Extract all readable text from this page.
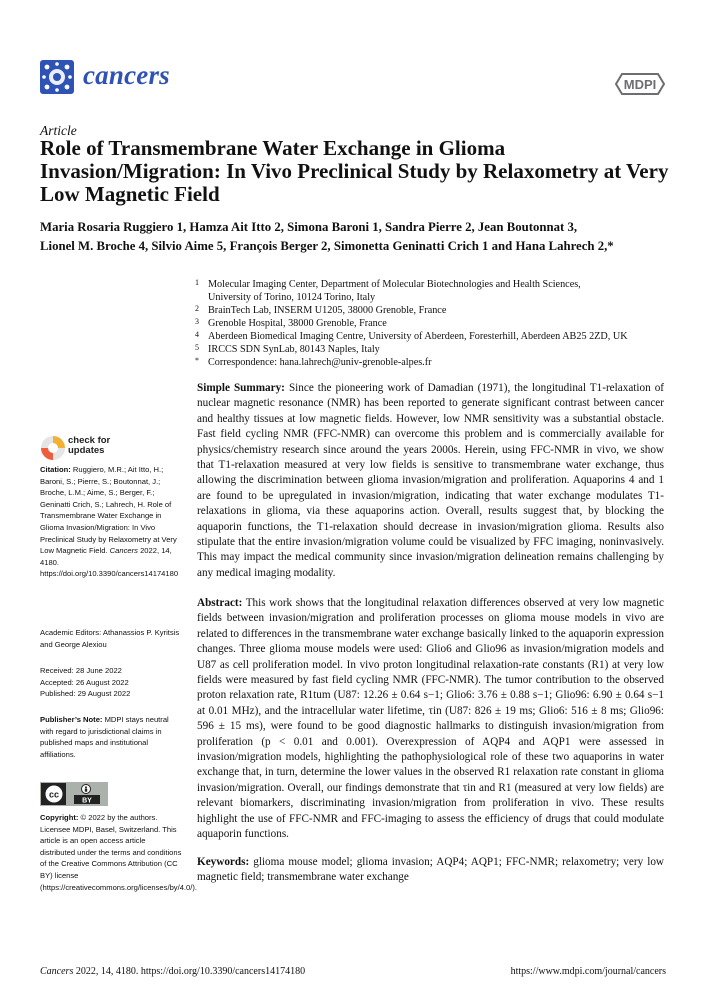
cancers	MDPI
Article
Role of Transmembrane Water Exchange in Glioma Invasion/Migration: In Vivo Preclinical Study by Relaxometry at Very Low Magnetic Field
Maria Rosaria Ruggiero 1, Hamza Ait Itto 2, Simona Baroni 1, Sandra Pierre 2, Jean Boutonnat 3,
Lionel M. Broche 4, Silvio Aime 5, François Berger 2, Simonetta Geninatti Crich 1 and Hana Lahrech 2,*
1 Molecular Imaging Center, Department of Molecular Biotechnologies and Health Sciences,
University of Torino, 10124 Torino, Italy
2 BrainTech Lab, INSERM U1205, 38000 Grenoble, France
3 Grenoble Hospital, 38000 Grenoble, France
4 Aberdeen Biomedical Imaging Centre, University of Aberdeen, Foresterhill, Aberdeen AB25 2ZD, UK
5 IRCCS SDN SynLab, 80143 Naples, Italy
* Correspondence: hana.lahrech@univ-grenoble-alpes.fr
Simple Summary: Since the pioneering work of Damadian (1971), the longitudinal T1-relaxation of nuclear magnetic resonance (NMR) has been reported to generate significant contrast between cancer and healthy tissues at low magnetic fields. However, low NMR sensitivity was a substantial obstacle. Fast field cycling NMR (FFC-NMR) can overcome this problem and is commercially available for physics/chemistry research since around the years 2000s. Herein, using FFC-NMR in vivo, we show that T1-relaxation measured at very low fields is sensitive to transmembrane water exchange, thus allowing the discrimination between glioma invasion/migration and proliferation. Aquaporins 4 and 1 are found to be upregulated in invasion/migration, indicating that water exchange modulates T1-relaxations in glioma, via these aquaporins action. Overall, results suggest that, by blocking the aquaporin functions, the T1-relaxation should decrease in invasion/migration glioma. Results also stipulate that the entire invasion/migration volume could be visualized by FFC imaging, noninvasively. This may impact the medical community since invasion/migration delineation remains challenging by any medical imaging modality.
Abstract: This work shows that the longitudinal relaxation differences observed at very low magnetic fields between invasion/migration and proliferation processes on glioma mouse models in vivo are related to differences in the transmembrane water exchange basically linked to the aquaporin expression changes. Three glioma mouse models were used: Glio6 and Glio96 as invasion/migration models and U87 as cell proliferation model. In vivo proton longitudinal relaxation-rate constants (R1) at very low fields were measured by fast field cycling NMR (FFC-NMR). The tumor contribution to the observed proton relaxation rate, R1tum (U87: 12.26 ± 0.64 s−1; Glio6: 3.76 ± 0.88 s−1; Glio96: 6.90 ± 0.64 s−1 at 0.01 MHz), and the intracellular water lifetime, τin (U87: 826 ± 19 ms; Glio6: 516 ± 8 ms; Glio96: 596 ± 15 ms), were found to be good diagnostic hallmarks to distinguish invasion/migration from proliferation (p < 0.01 and 0.001). Overexpression of AQP4 and AQP1 were assessed in invasion/migration models, highlighting the pathophysiological role of these two aquaporins in water exchange that, in turn, determine the lower values in the observed R1 relaxation rate constant in glioma invasion/migration. Overall, our findings demonstrate that τin and R1 (measured at very low fields) are relevant biomarkers, discriminating invasion/migration from proliferation in vivo. These results highlight the use of FFC-NMR and FFC-imaging to assess the efficiency of drugs that could modulate aquaporin functions.
Keywords: glioma mouse model; glioma invasion; AQP4; AQP1; FFC-NMR; relaxometry; very low magnetic field; transmembrane water exchange
check for
updates
Citation: Ruggiero, M.R.; Ait Itto, H.; Baroni, S.; Pierre, S.; Boutonnat, J.; Broche, L.M.; Aime, S.; Berger, F.; Geninatti Crich, S.; Lahrech, H. Role of Transmembrane Water Exchange in Glioma Invasion/Migration: In Vivo Preclinical Study by Relaxometry at Very Low Magnetic Field. Cancers 2022, 14, 4180. https://doi.org/10.3390/cancers14174180
Academic Editors: Athanassios P. Kyritsis and George Alexiou
Received: 28 June 2022
Accepted: 26 August 2022
Published: 29 August 2022
Publisher’s Note: MDPI stays neutral with regard to jurisdictional claims in published maps and institutional affiliations.
cc
BY
Copyright: © 2022 by the authors. Licensee MDPI, Basel, Switzerland. This article is an open access article distributed under the terms and conditions of the Creative Commons Attribution (CC BY) license (https://creativecommons.org/licenses/by/4.0/).
Cancers 2022, 14, 4180. https://doi.org/10.3390/cancers14174180	https://www.mdpi.com/journal/cancers
